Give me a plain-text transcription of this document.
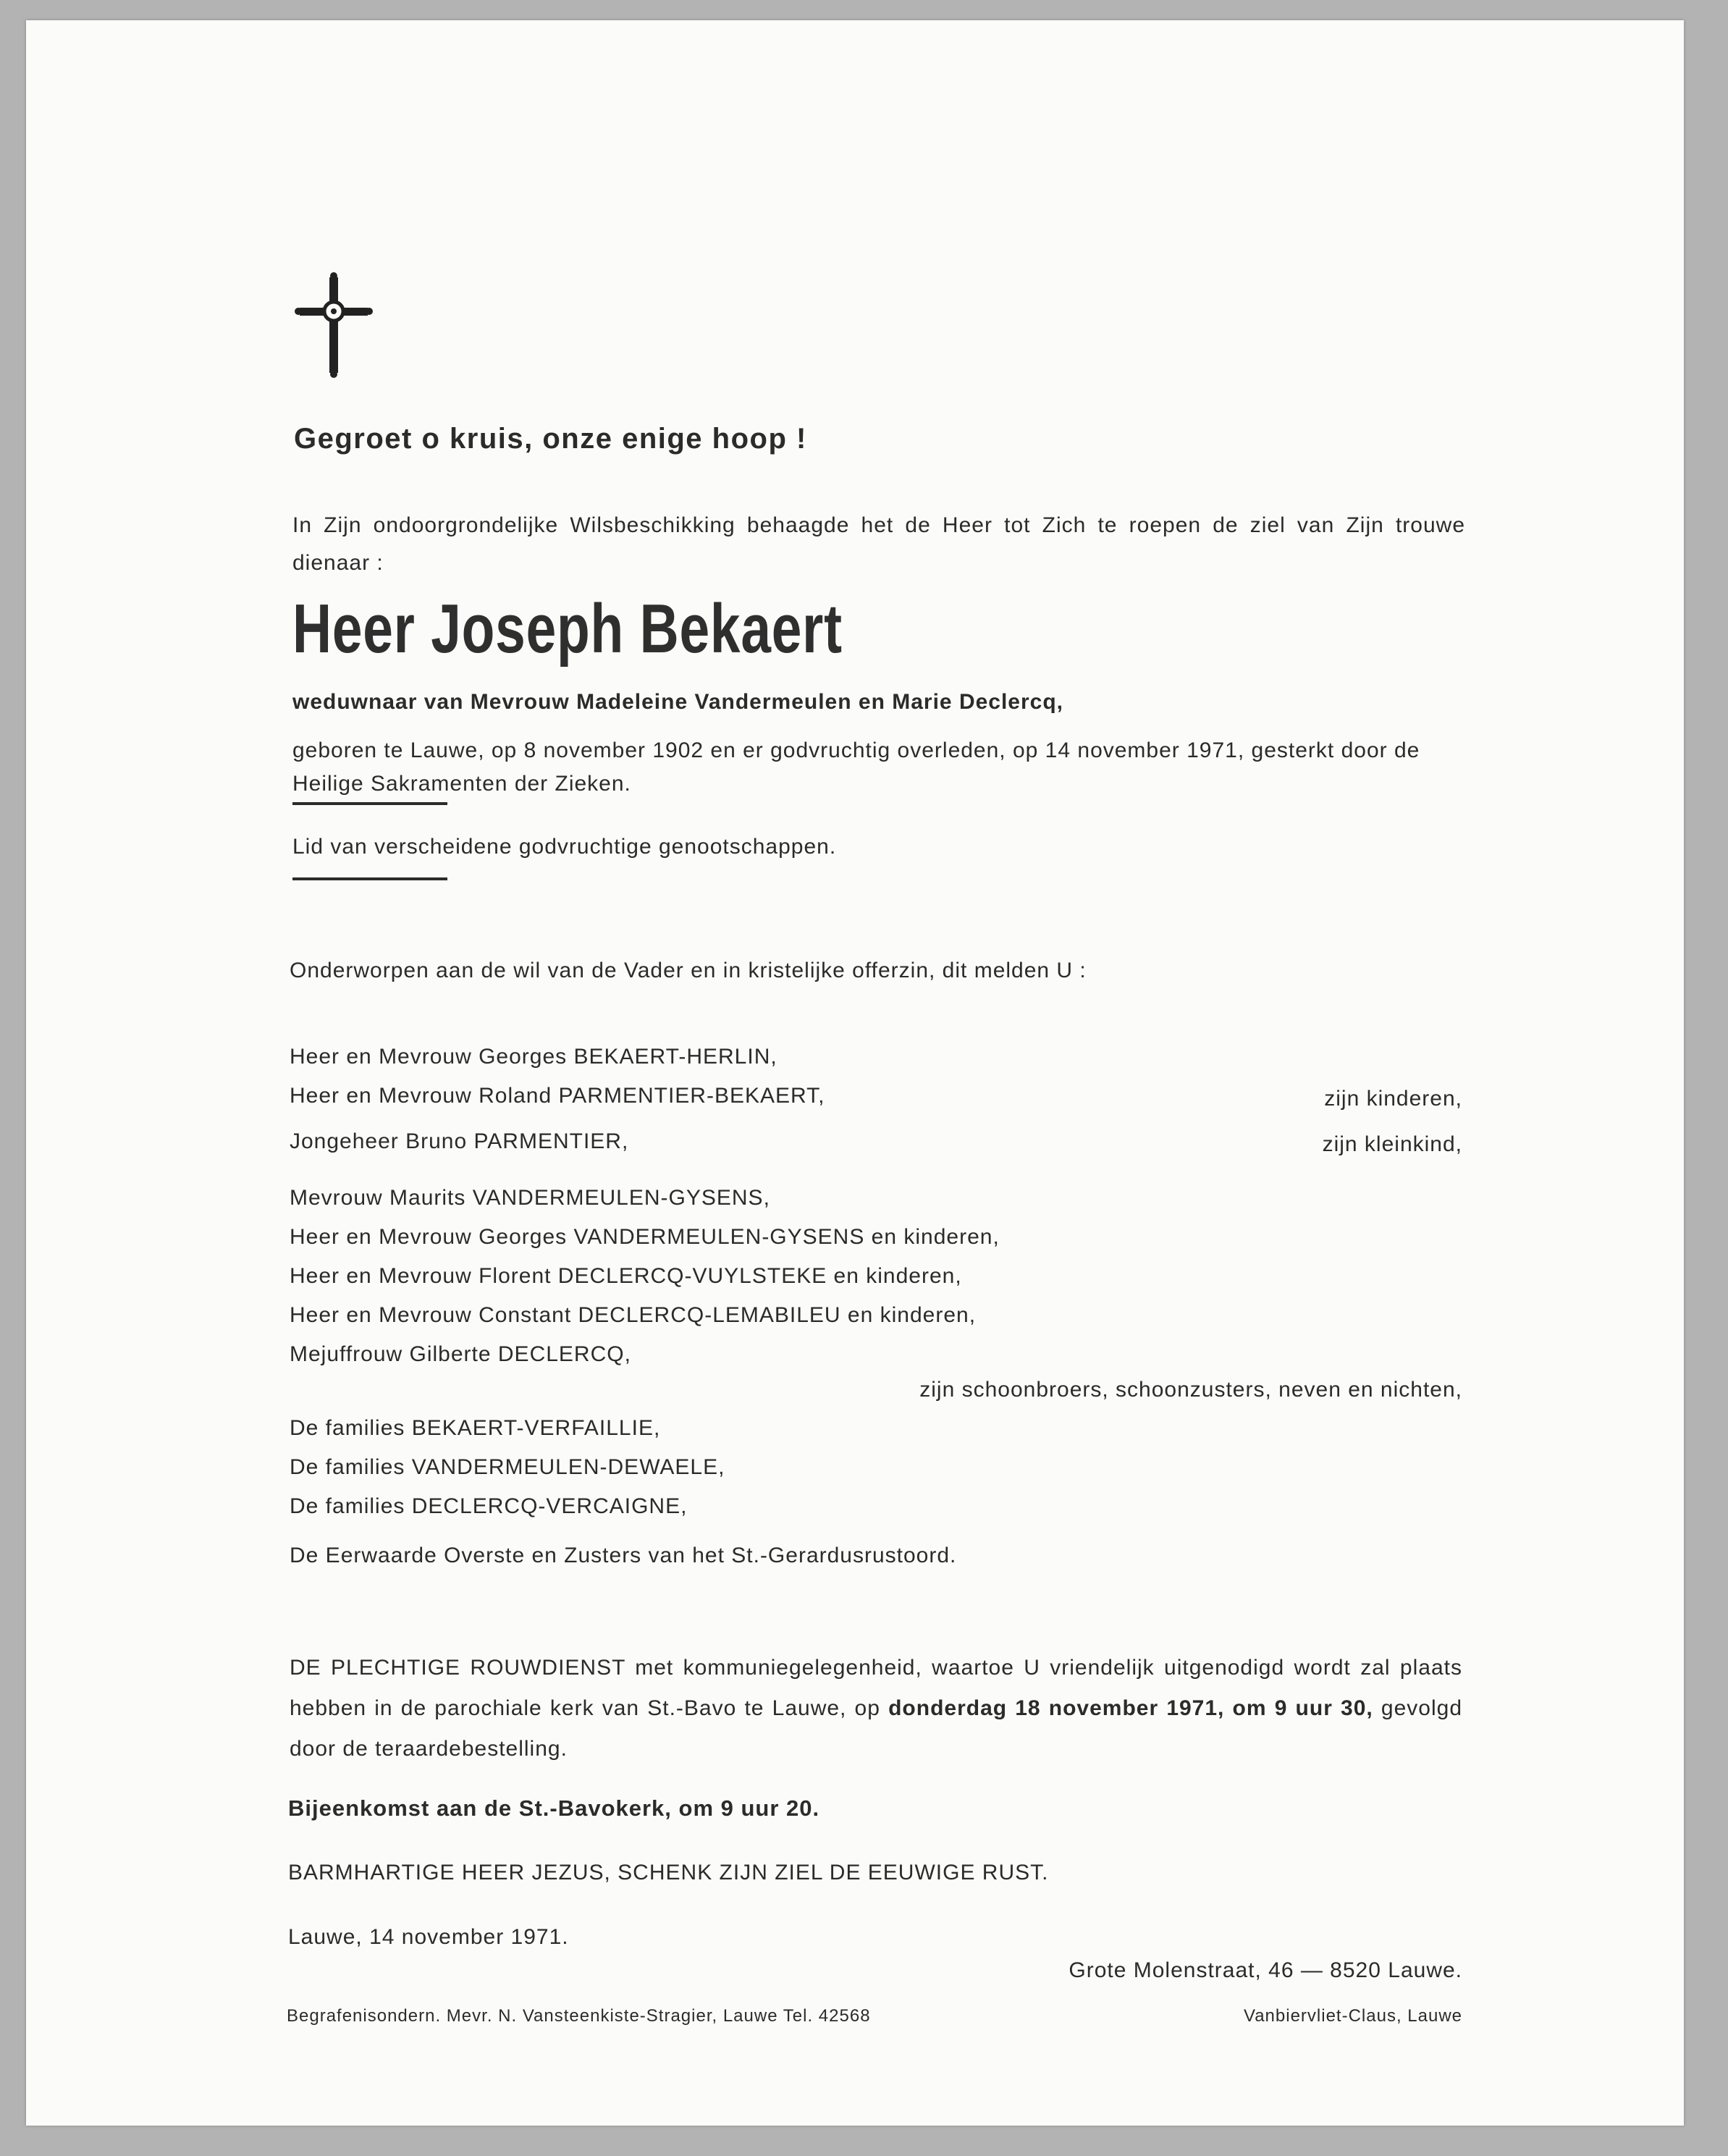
Gegroet o kruis, onze enige hoop !
In Zijn ondoorgrondelijke Wilsbeschikking behaagde het de Heer tot Zich te roepen de ziel van Zijn trouwe dienaar :
Heer Joseph Bekaert
weduwnaar van Mevrouw Madeleine Vandermeulen en Marie Declercq,
geboren te Lauwe, op 8 november 1902 en er godvruchtig overleden, op 14 november 1971, gesterkt door de Heilige Sakramenten der Zieken.
Lid van verscheidene godvruchtige genootschappen.
Onderworpen aan de wil van de Vader en in kristelijke offerzin, dit melden U :
Heer en Mevrouw Georges BEKAERT-HERLIN,
Heer en Mevrouw Roland PARMENTIER-BEKAERT,	zijn kinderen,
Jongeheer Bruno PARMENTIER,	zijn kleinkind,
Mevrouw Maurits VANDERMEULEN-GYSENS,
Heer en Mevrouw Georges VANDERMEULEN-GYSENS en kinderen,
Heer en Mevrouw Florent DECLERCQ-VUYLSTEKE en kinderen,
Heer en Mevrouw Constant DECLERCQ-LEMABILEU en kinderen,
Mejuffrouw Gilberte DECLERCQ,
zijn schoonbroers, schoonzusters, neven en nichten,
De families BEKAERT-VERFAILLIE,
De families VANDERMEULEN-DEWAELE,
De families DECLERCQ-VERCAIGNE,
De Eerwaarde Overste en Zusters van het St.-Gerardusrustoord.
DE PLECHTIGE ROUWDIENST met kommuniegelegenheid, waartoe U vriendelijk uitgenodigd wordt zal plaats hebben in de parochiale kerk van St.-Bavo te Lauwe, op donderdag 18 november 1971, om 9 uur 30, gevolgd door de teraardebestelling.
Bijeenkomst aan de St.-Bavokerk, om 9 uur 20.
BARMHARTIGE HEER JEZUS, SCHENK ZIJN ZIEL DE EEUWIGE RUST.
Lauwe, 14 november 1971.
Grote Molenstraat, 46 — 8520 Lauwe.
Begrafenisondern. Mevr. N. Vansteenkiste-Stragier, Lauwe Tel. 42568	Vanbiervliet-Claus, Lauwe
